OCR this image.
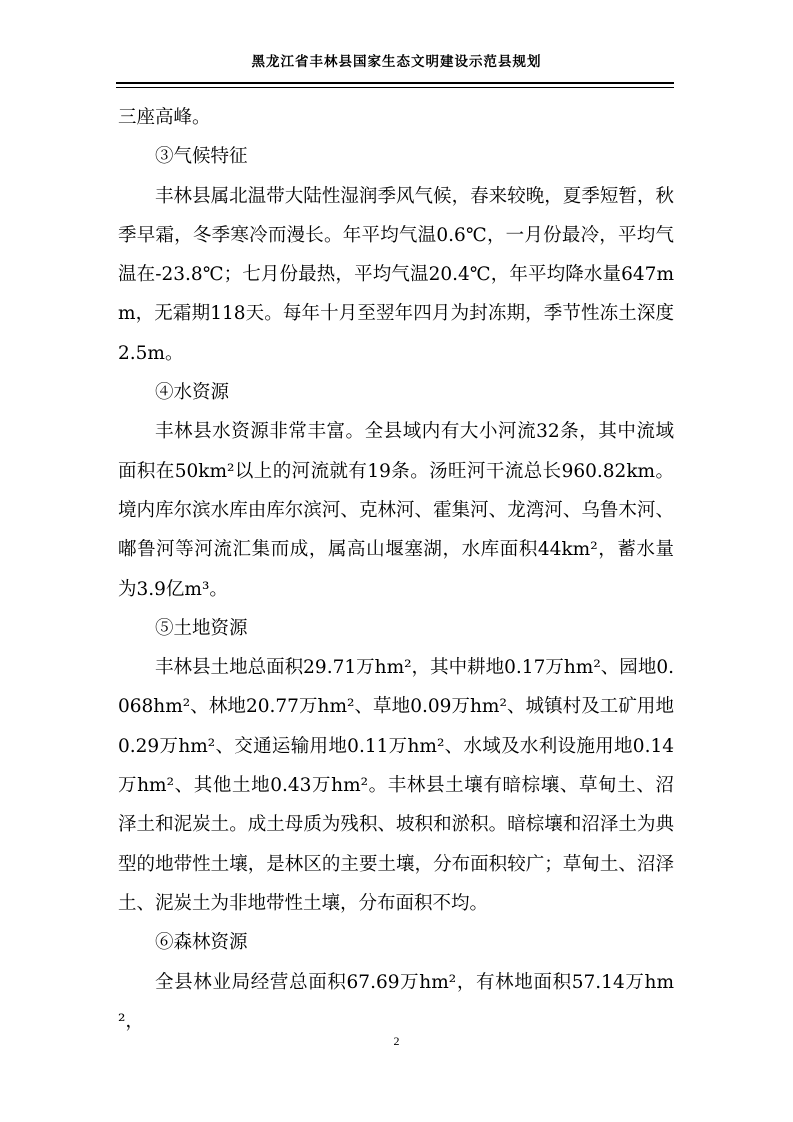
黑龙江省丰林县国家生态文明建设示范县规划

三座高峰。

③气候特征

丰林县属北温带大陆性湿润季风气候，春来较晚，夏季短暂，秋季早霜，冬季寒冷而漫长。年平均气温0.6℃，一月份最冷，平均气温在-23.8℃；七月份最热，平均气温20.4℃，年平均降水量647mm，无霜期118天。每年十月至翌年四月为封冻期，季节性冻土深度2.5m。

④水资源

丰林县水资源非常丰富。全县域内有大小河流32条，其中流域面积在50km²以上的河流就有19条。汤旺河干流总长960.82km。境内库尔滨水库由库尔滨河、克林河、霍集河、龙湾河、乌鲁木河、嘟鲁河等河流汇集而成，属高山堰塞湖，水库面积44km²，蓄水量为3.9亿m³。

⑤土地资源

丰林县土地总面积29.71万hm²，其中耕地0.17万hm²、园地0.068hm²、林地20.77万hm²、草地0.09万hm²、城镇村及工矿用地0.29万hm²、交通运输用地0.11万hm²、水域及水利设施用地0.14万hm²、其他土地0.43万hm²。丰林县土壤有暗棕壤、草甸土、沼泽土和泥炭土。成土母质为残积、坡积和淤积。暗棕壤和沼泽土为典型的地带性土壤，是林区的主要土壤，分布面积较广；草甸土、沼泽土、泥炭土为非地带性土壤，分布面积不均。

⑥森林资源

全县林业局经营总面积67.69万hm²，有林地面积57.14万hm²，

2
